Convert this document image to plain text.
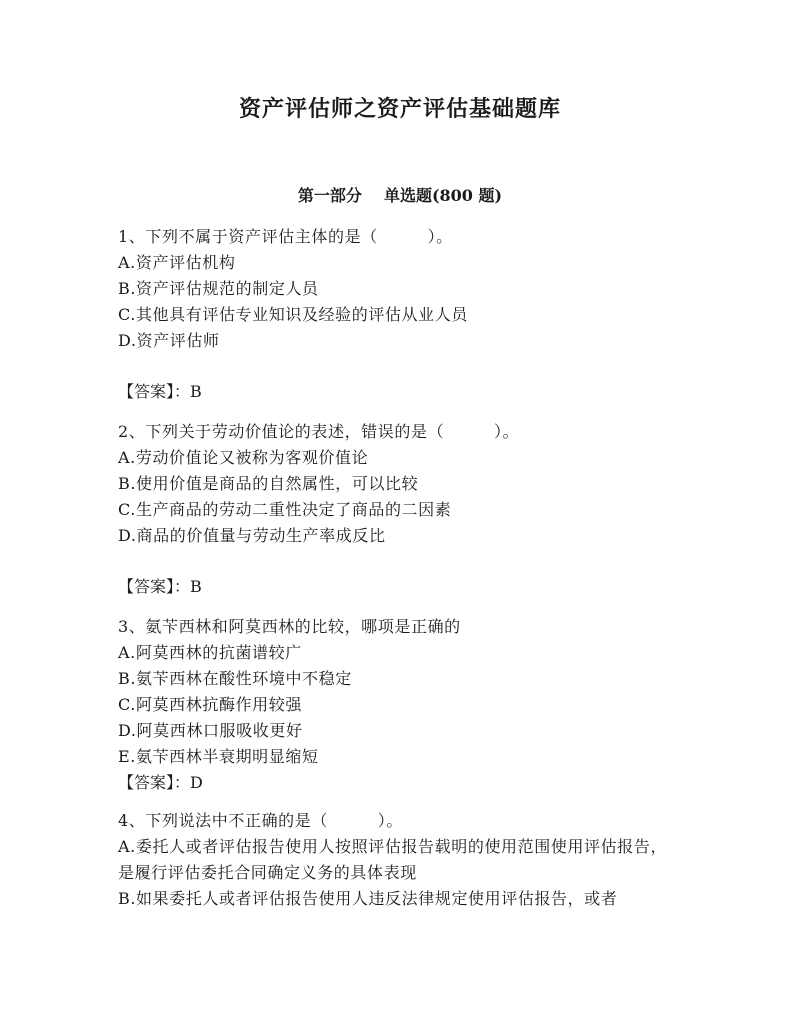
资产评估师之资产评估基础题库
第一部分 单选题(800 题)
1、下列不属于资产评估主体的是（　　　）。
A.资产评估机构
B.资产评估规范的制定人员
C.其他具有评估专业知识及经验的评估从业人员
D.资产评估师
【答案】：B
2、下列关于劳动价值论的表述，错误的是（　　　）。
A.劳动价值论又被称为客观价值论
B.使用价值是商品的自然属性，可以比较
C.生产商品的劳动二重性决定了商品的二因素
D.商品的价值量与劳动生产率成反比
【答案】：B
3、氨苄西林和阿莫西林的比较，哪项是正确的
A.阿莫西林的抗菌谱较广
B.氨苄西林在酸性环境中不稳定
C.阿莫西林抗酶作用较强
D.阿莫西林口服吸收更好
E.氨苄西林半衰期明显缩短
【答案】：D
4、下列说法中不正确的是（　　　）。
A.委托人或者评估报告使用人按照评估报告载明的使用范围使用评估报告，是履行评估委托合同确定义务的具体表现
B.如果委托人或者评估报告使用人违反法律规定使用评估报告，或者
